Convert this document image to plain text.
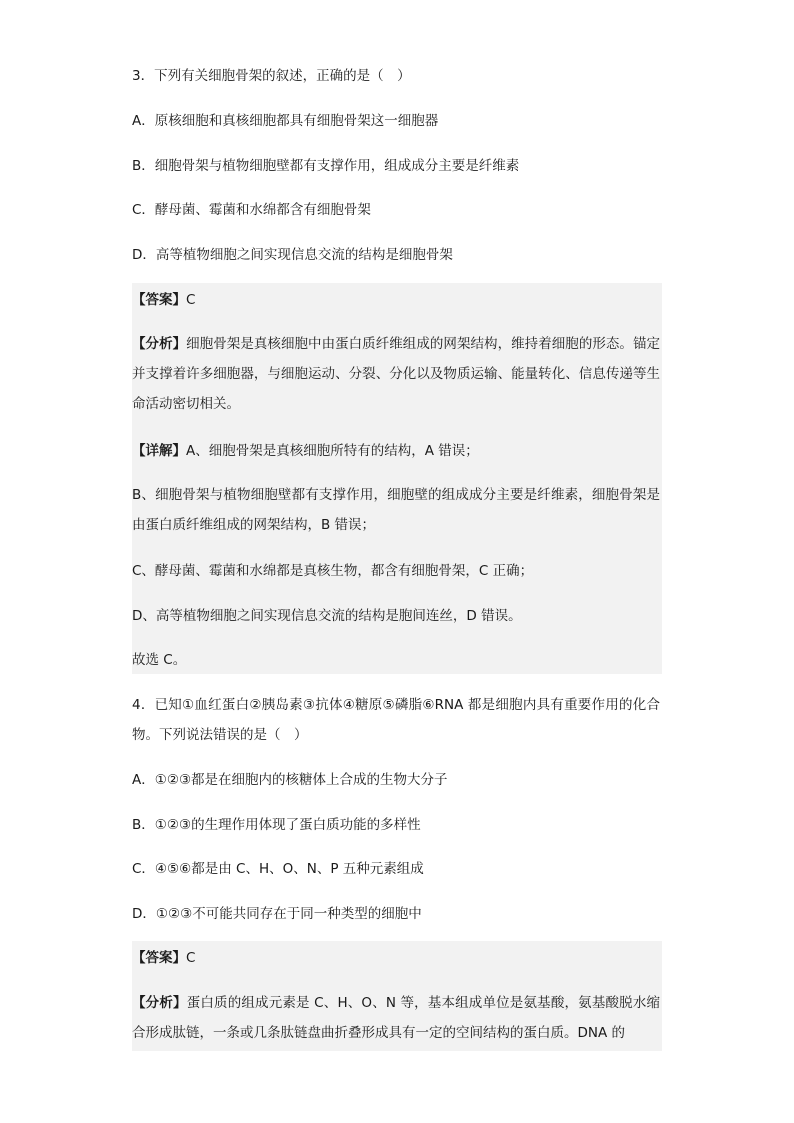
3．下列有关细胞骨架的叙述，正确的是（　）
A．原核细胞和真核细胞都具有细胞骨架这一细胞器
B．细胞骨架与植物细胞壁都有支撑作用，组成成分主要是纤维素
C．酵母菌、霉菌和水绵都含有细胞骨架
D．高等植物细胞之间实现信息交流的结构是细胞骨架
【答案】C
【分析】细胞骨架是真核细胞中由蛋白质纤维组成的网架结构，维持着细胞的形态。锚定并支撑着许多细胞器，与细胞运动、分裂、分化以及物质运输、能量转化、信息传递等生命活动密切相关。
【详解】A、细胞骨架是真核细胞所特有的结构，A 错误；
B、细胞骨架与植物细胞壁都有支撑作用，细胞壁的组成成分主要是纤维素，细胞骨架是由蛋白质纤维组成的网架结构，B 错误；
C、酵母菌、霉菌和水绵都是真核生物，都含有细胞骨架，C 正确；
D、高等植物细胞之间实现信息交流的结构是胞间连丝，D 错误。
故选 C。
4．已知①血红蛋白②胰岛素③抗体④糖原⑤磷脂⑥RNA 都是细胞内具有重要作用的化合物。下列说法错误的是（　）
A．①②③都是在细胞内的核糖体上合成的生物大分子
B．①②③的生理作用体现了蛋白质功能的多样性
C．④⑤⑥都是由 C、H、O、N、P 五种元素组成
D．①②③不可能共同存在于同一种类型的细胞中
【答案】C
【分析】蛋白质的组成元素是 C、H、O、N 等，基本组成单位是氨基酸，氨基酸脱水缩合形成肽链，一条或几条肽链盘曲折叠形成具有一定的空间结构的蛋白质。DNA 的
